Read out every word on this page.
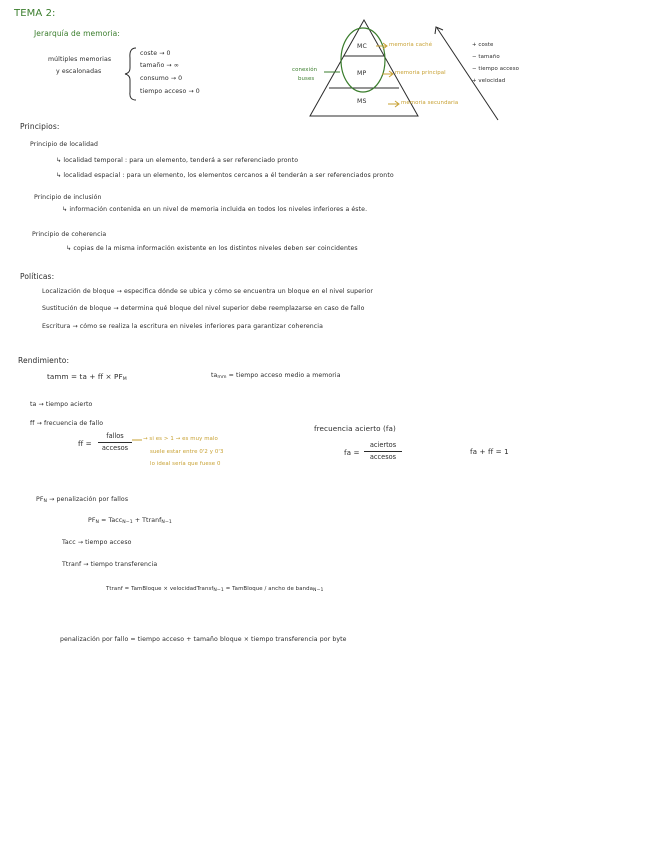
TEMA 2:
Jerarquía de memoria:
múltiples memorias
y escalonadas
coste → 0
tamaño → ∞
consumo → 0
tiempo acceso → 0
MC
MP
MS
memoria caché
memoria principal
memoria secundaria
conexión
buses
+ coste
− tamaño
− tiempo acceso
+ velocidad
Principios:
Principio de localidad
↳ localidad temporal : para un elemento, tenderá a ser referenciado pronto
↳ localidad espacial : para un elemento, los elementos cercanos a él tenderán a ser referenciados pronto
Principio de inclusión
↳ información contenida en un nivel de memoria incluida en todos los niveles inferiores a éste.
Principio de coherencia
↳ copias de la misma información existente en los distintos niveles deben ser coincidentes
Políticas:
Localización de bloque → especifica dónde se ubica y cómo se encuentra un bloque en el nivel superior
Sustitución de bloque → determina qué bloque del nivel superior debe reemplazarse en caso de fallo
Escritura → cómo se realiza la escritura en niveles inferiores para garantizar coherencia
Rendimiento:
tamm = ta + ff × $PF_M$
$ta_{mm}$ = tiempo acceso medio a memoria
ta → tiempo acierto
ff → frecuencia de fallo
ff =
fallos
accesos
→ si es > 1 → es muy malo
suele estar entre 0'2 y 0'3
lo ideal sería que fuese 0
frecuencia acierto (fa)
fa =
aciertos
accesos
fa + ff = 1
$PF_N$ → penalización por fallos
$PF_N$ = Tacc$_{N-1}$ + Ttranf$_{N-1}$
Tacc → tiempo acceso
Ttranf → tiempo transferencia
Ttranf = TamBloque × velocidadTransfN−1 = TamBloque / ancho de bandaN−1
penalización por fallo = tiempo acceso + tamaño bloque × tiempo transferencia por byte
